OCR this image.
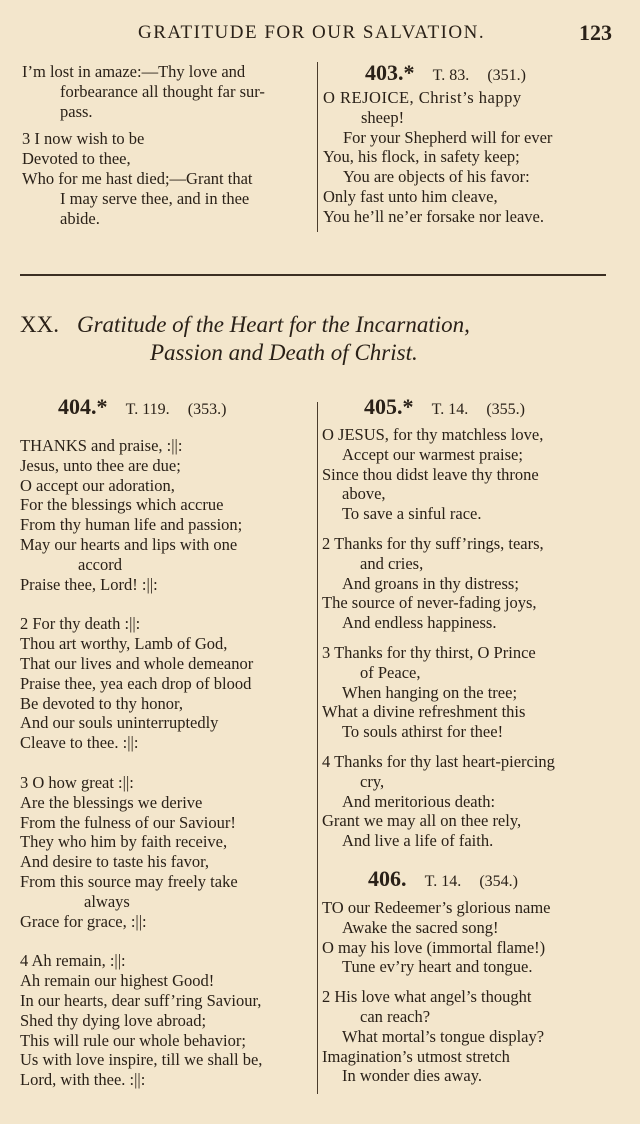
GRATITUDE FOR OUR SALVATION.	123
I’m lost in amaze:—Thy love and
forbearance all thought far sur-
pass.
3 I now wish to be
Devoted to thee,
Who for me hast died;—Grant that
I may serve thee, and in thee
abide.
403.* T. 83. (351.)
O REJOICE, Christ’s happy
sheep!
For your Shepherd will for ever
You, his flock, in safety keep;
You are objects of his favor:
Only fast unto him cleave,
You he’ll ne’er forsake nor leave.
XX. Gratitude of the Heart for the Incarnation,
Passion and Death of Christ.
404.* T. 119. (353.)
THANKS and praise, :||:
Jesus, unto thee are due;
O accept our adoration,
For the blessings which accrue
From thy human life and passion;
May our hearts and lips with one
accord
Praise thee, Lord! :||:
2 For thy death :||:
Thou art worthy, Lamb of God,
That our lives and whole demeanor
Praise thee, yea each drop of blood
Be devoted to thy honor,
And our souls uninterruptedly
Cleave to thee. :||:
3 O how great :||:
Are the blessings we derive
From the fulness of our Saviour!
They who him by faith receive,
And desire to taste his favor,
From this source may freely take
always
Grace for grace, :||:
4 Ah remain, :||:
Ah remain our highest Good!
In our hearts, dear suff’ring Saviour,
Shed thy dying love abroad;
This will rule our whole behavior;
Us with love inspire, till we shall be,
Lord, with thee. :||:
405.* T. 14. (355.)
O JESUS, for thy matchless love,
Accept our warmest praise;
Since thou didst leave thy throne
above,
To save a sinful race.
2 Thanks for thy suff’rings, tears,
and cries,
And groans in thy distress;
The source of never-fading joys,
And endless happiness.
3 Thanks for thy thirst, O Prince
of Peace,
When hanging on the tree;
What a divine refreshment this
To souls athirst for thee!
4 Thanks for thy last heart-piercing
cry,
And meritorious death:
Grant we may all on thee rely,
And live a life of faith.
406. T. 14. (354.)
TO our Redeemer’s glorious name
Awake the sacred song!
O may his love (immortal flame!)
Tune ev’ry heart and tongue.
2 His love what angel’s thought
can reach?
What mortal’s tongue display?
Imagination’s utmost stretch
In wonder dies away.
